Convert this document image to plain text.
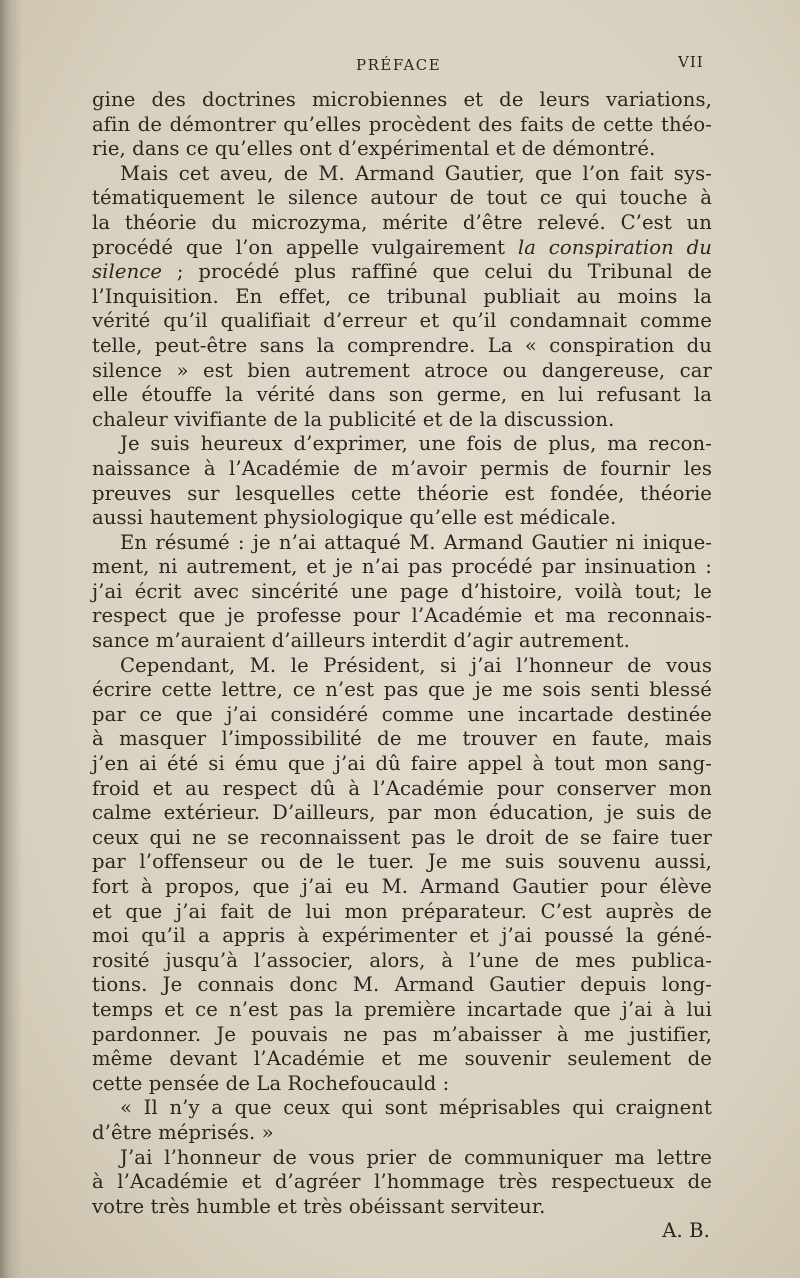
PRÉFACE	VII
gine des doctrines microbiennes et de leurs variations,
afin de démontrer qu’elles procèdent des faits de cette théo-
rie, dans ce qu’elles ont d’expérimental et de démontré.
Mais cet aveu, de M. Armand Gautier, que l’on fait sys-
tématiquement le silence autour de tout ce qui touche à
la théorie du microzyma, mérite d’être relevé. C’est un
procédé que l’on appelle vulgairement la conspiration du
silence ; procédé plus raffiné que celui du Tribunal de
l’Inquisition. En effet, ce tribunal publiait au moins la
vérité qu’il qualifiait d’erreur et qu’il condamnait comme
telle, peut-être sans la comprendre. La « conspiration du
silence » est bien autrement atroce ou dangereuse, car
elle étouffe la vérité dans son germe, en lui refusant la
chaleur vivifiante de la publicité et de la discussion.
Je suis heureux d’exprimer, une fois de plus, ma recon-
naissance à l’Académie de m’avoir permis de fournir les
preuves sur lesquelles cette théorie est fondée, théorie
aussi hautement physiologique qu’elle est médicale.
En résumé : je n’ai attaqué M. Armand Gautier ni inique-
ment, ni autrement, et je n’ai pas procédé par insinuation :
j’ai écrit avec sincérité une page d’histoire, voilà tout; le
respect que je professe pour l’Académie et ma reconnais-
sance m’auraient d’ailleurs interdit d’agir autrement.
Cependant, M. le Président, si j’ai l’honneur de vous
écrire cette lettre, ce n’est pas que je me sois senti blessé
par ce que j’ai considéré comme une incartade destinée
à masquer l’impossibilité de me trouver en faute, mais
j’en ai été si ému que j’ai dû faire appel à tout mon sang-
froid et au respect dû à l’Académie pour conserver mon
calme extérieur. D’ailleurs, par mon éducation, je suis de
ceux qui ne se reconnaissent pas le droit de se faire tuer
par l’offenseur ou de le tuer. Je me suis souvenu aussi,
fort à propos, que j’ai eu M. Armand Gautier pour élève
et que j’ai fait de lui mon préparateur. C’est auprès de
moi qu’il a appris à expérimenter et j’ai poussé la géné-
rosité jusqu’à l’associer, alors, à l’une de mes publica-
tions. Je connais donc M. Armand Gautier depuis long-
temps et ce n’est pas la première incartade que j’ai à lui
pardonner. Je pouvais ne pas m’abaisser à me justifier,
même devant l’Académie et me souvenir seulement de
cette pensée de La Rochefoucauld :
« Il n’y a que ceux qui sont méprisables qui craignent
d’être méprisés. »
J’ai l’honneur de vous prier de communiquer ma lettre
à l’Académie et d’agréer l’hommage très respectueux de
votre très humble et très obéissant serviteur.
A. B.
